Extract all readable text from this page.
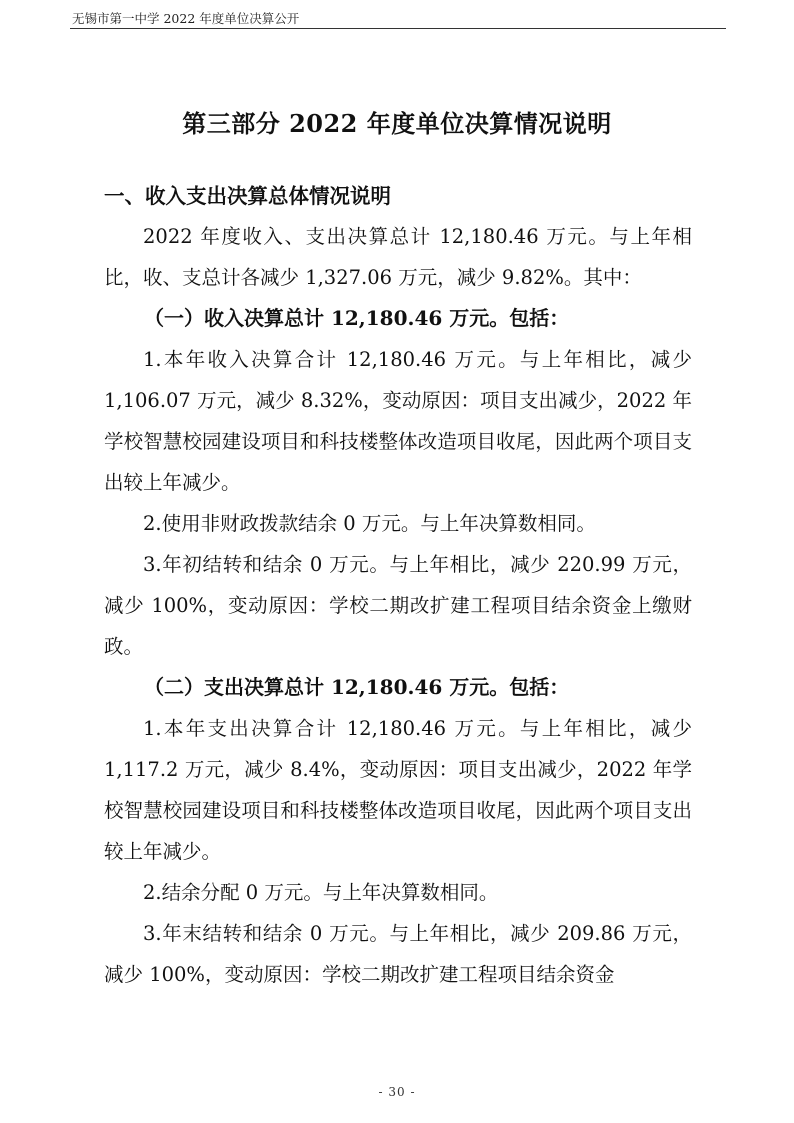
无锡市第一中学 2022 年度单位决算公开
第三部分 2022 年度单位决算情况说明
一、收入支出决算总体情况说明

2022 年度收入、支出决算总计 12,180.46 万元。与上年相比，收、支总计各减少 1,327.06 万元，减少 9.82%。其中：

（一）收入决算总计 12,180.46 万元。包括：

1.本年收入决算合计 12,180.46 万元。与上年相比，减少 1,106.07 万元，减少 8.32%，变动原因：项目支出减少，2022 年学校智慧校园建设项目和科技楼整体改造项目收尾，因此两个项目支出较上年减少。

2.使用非财政拨款结余 0 万元。与上年决算数相同。

3.年初结转和结余 0 万元。与上年相比，减少 220.99 万元，减少 100%，变动原因：学校二期改扩建工程项目结余资金上缴财政。

（二）支出决算总计 12,180.46 万元。包括：

1.本年支出决算合计 12,180.46 万元。与上年相比，减少 1,117.2 万元，减少 8.4%，变动原因：项目支出减少，2022 年学校智慧校园建设项目和科技楼整体改造项目收尾，因此两个项目支出较上年减少。

2.结余分配 0 万元。与上年决算数相同。

3.年末结转和结余 0 万元。与上年相比，减少 209.86 万元，减少 100%，变动原因：学校二期改扩建工程项目结余资金

- 30 -
